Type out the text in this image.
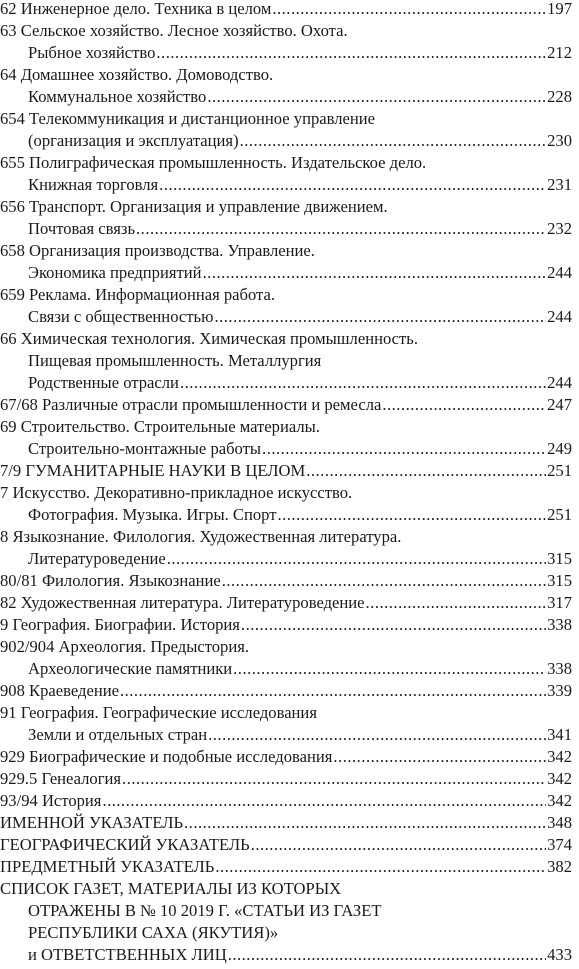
62 Инженерное дело. Техника в целом .....	197
63 Сельское хозяйство. Лесное хозяйство. Охота.
Рыбное хозяйство .....	212
64 Домашнее хозяйство. Домоводство.
Коммунальное хозяйство .....	228
654 Телекоммуникация и дистанционное управление
(организация и эксплуатация) .....	230
655 Полиграфическая промышленность. Издательское дело.
Книжная торговля .....	231
656 Транспорт. Организация и управление движением.
Почтовая связь .....	232
658 Организация производства. Управление.
Экономика предприятий .....	244
659 Реклама. Информационная работа.
Связи с общественностью .....	244
66 Химическая технология. Химическая промышленность.
Пищевая промышленность. Металлургия
Родственные отрасли .....	244
67/68 Различные отрасли промышленности и ремесла .....	247
69 Строительство. Строительные материалы.
Строительно-монтажные работы .....	249
7/9 ГУМАНИТАРНЫЕ НАУКИ В ЦЕЛОМ .....	251
7 Искусство. Декоративно-прикладное искусство.
Фотография. Музыка. Игры. Спорт .....	251
8 Языкознание. Филология. Художественная литература.
Литературоведение .....	315
80/81 Филология. Языкознание .....	315
82 Художественная литература. Литературоведение .....	317
9 География. Биографии. История .....	338
902/904 Археология. Предыстория.
Археологические памятники .....	338
908 Краеведение .....	339
91 География. Географические исследования
Земли и отдельных стран .....	341
929 Биографические и подобные исследования .....	342
929.5 Генеалогия .....	342
93/94 История .....	342
ИМЕННОЙ УКАЗАТЕЛЬ .....	348
ГЕОГРАФИЧЕСКИЙ УКАЗАТЕЛЬ .....	374
ПРЕДМЕТНЫЙ УКАЗАТЕЛЬ .....	382
СПИСОК ГАЗЕТ, МАТЕРИАЛЫ ИЗ КОТОРЫХ
ОТРАЖЕНЫ В № 10 2019 Г. «СТАТЬИ ИЗ ГАЗЕТ
РЕСПУБЛИКИ САХА (ЯКУТИЯ)»
и ОТВЕТСТВЕННЫХ ЛИЦ .....	433
